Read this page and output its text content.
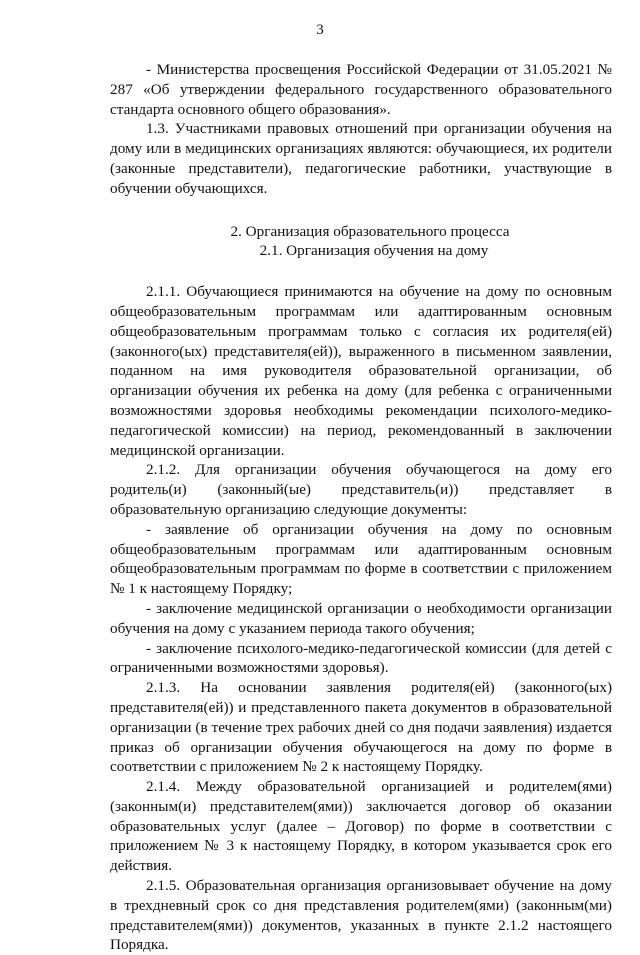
3

- Министерства просвещения Российской Федерации от 31.05.2021 № 287 «Об утверждении федерального государственного образовательного стандарта основного общего образования».

1.3. Участниками правовых отношений при организации обучения на дому или в медицинских организациях являются: обучающиеся, их родители (законные представители), педагогические работники, участвующие в обучении обучающихся.

2. Организация образовательного процесса

2.1. Организация обучения на дому

2.1.1. Обучающиеся принимаются на обучение на дому по основным общеобразовательным программам или адаптированным основным общеобразовательным программам только с согласия их родителя(ей) (законного(ых) представителя(ей)), выраженного в письменном заявлении, поданном на имя руководителя образовательной организации, об организации обучения их ребенка на дому (для ребенка с ограниченными возможностями здоровья необходимы рекомендации психолого-медико-педагогической комиссии) на период, рекомендованный в заключении медицинской организации.

2.1.2. Для организации обучения обучающегося на дому его родитель(и) (законный(ые) представитель(и)) представляет в образовательную организацию следующие документы:

- заявление об организации обучения на дому по основным общеобразовательным программам или адаптированным основным общеобразовательным программам по форме в соответствии с приложением № 1 к настоящему Порядку;

- заключение медицинской организации о необходимости организации обучения на дому с указанием периода такого обучения;

- заключение психолого-медико-педагогической комиссии (для детей с ограниченными возможностями здоровья).

2.1.3. На основании заявления родителя(ей) (законного(ых) представителя(ей)) и представленного пакета документов в образовательной организации (в течение трех рабочих дней со дня подачи заявления) издается приказ об организации обучения обучающегося на дому по форме в соответствии с приложением № 2 к настоящему Порядку.

2.1.4. Между образовательной организацией и родителем(ями) (законным(и) представителем(ями)) заключается договор об оказании образовательных услуг (далее – Договор) по форме в соответствии с приложением № 3 к настоящему Порядку, в котором указывается срок его действия.

2.1.5. Образовательная организация организовывает обучение на дому в трехдневный срок со дня представления родителем(ями) (законным(ми) представителем(ями)) документов, указанных в пункте 2.1.2 настоящего Порядка.
